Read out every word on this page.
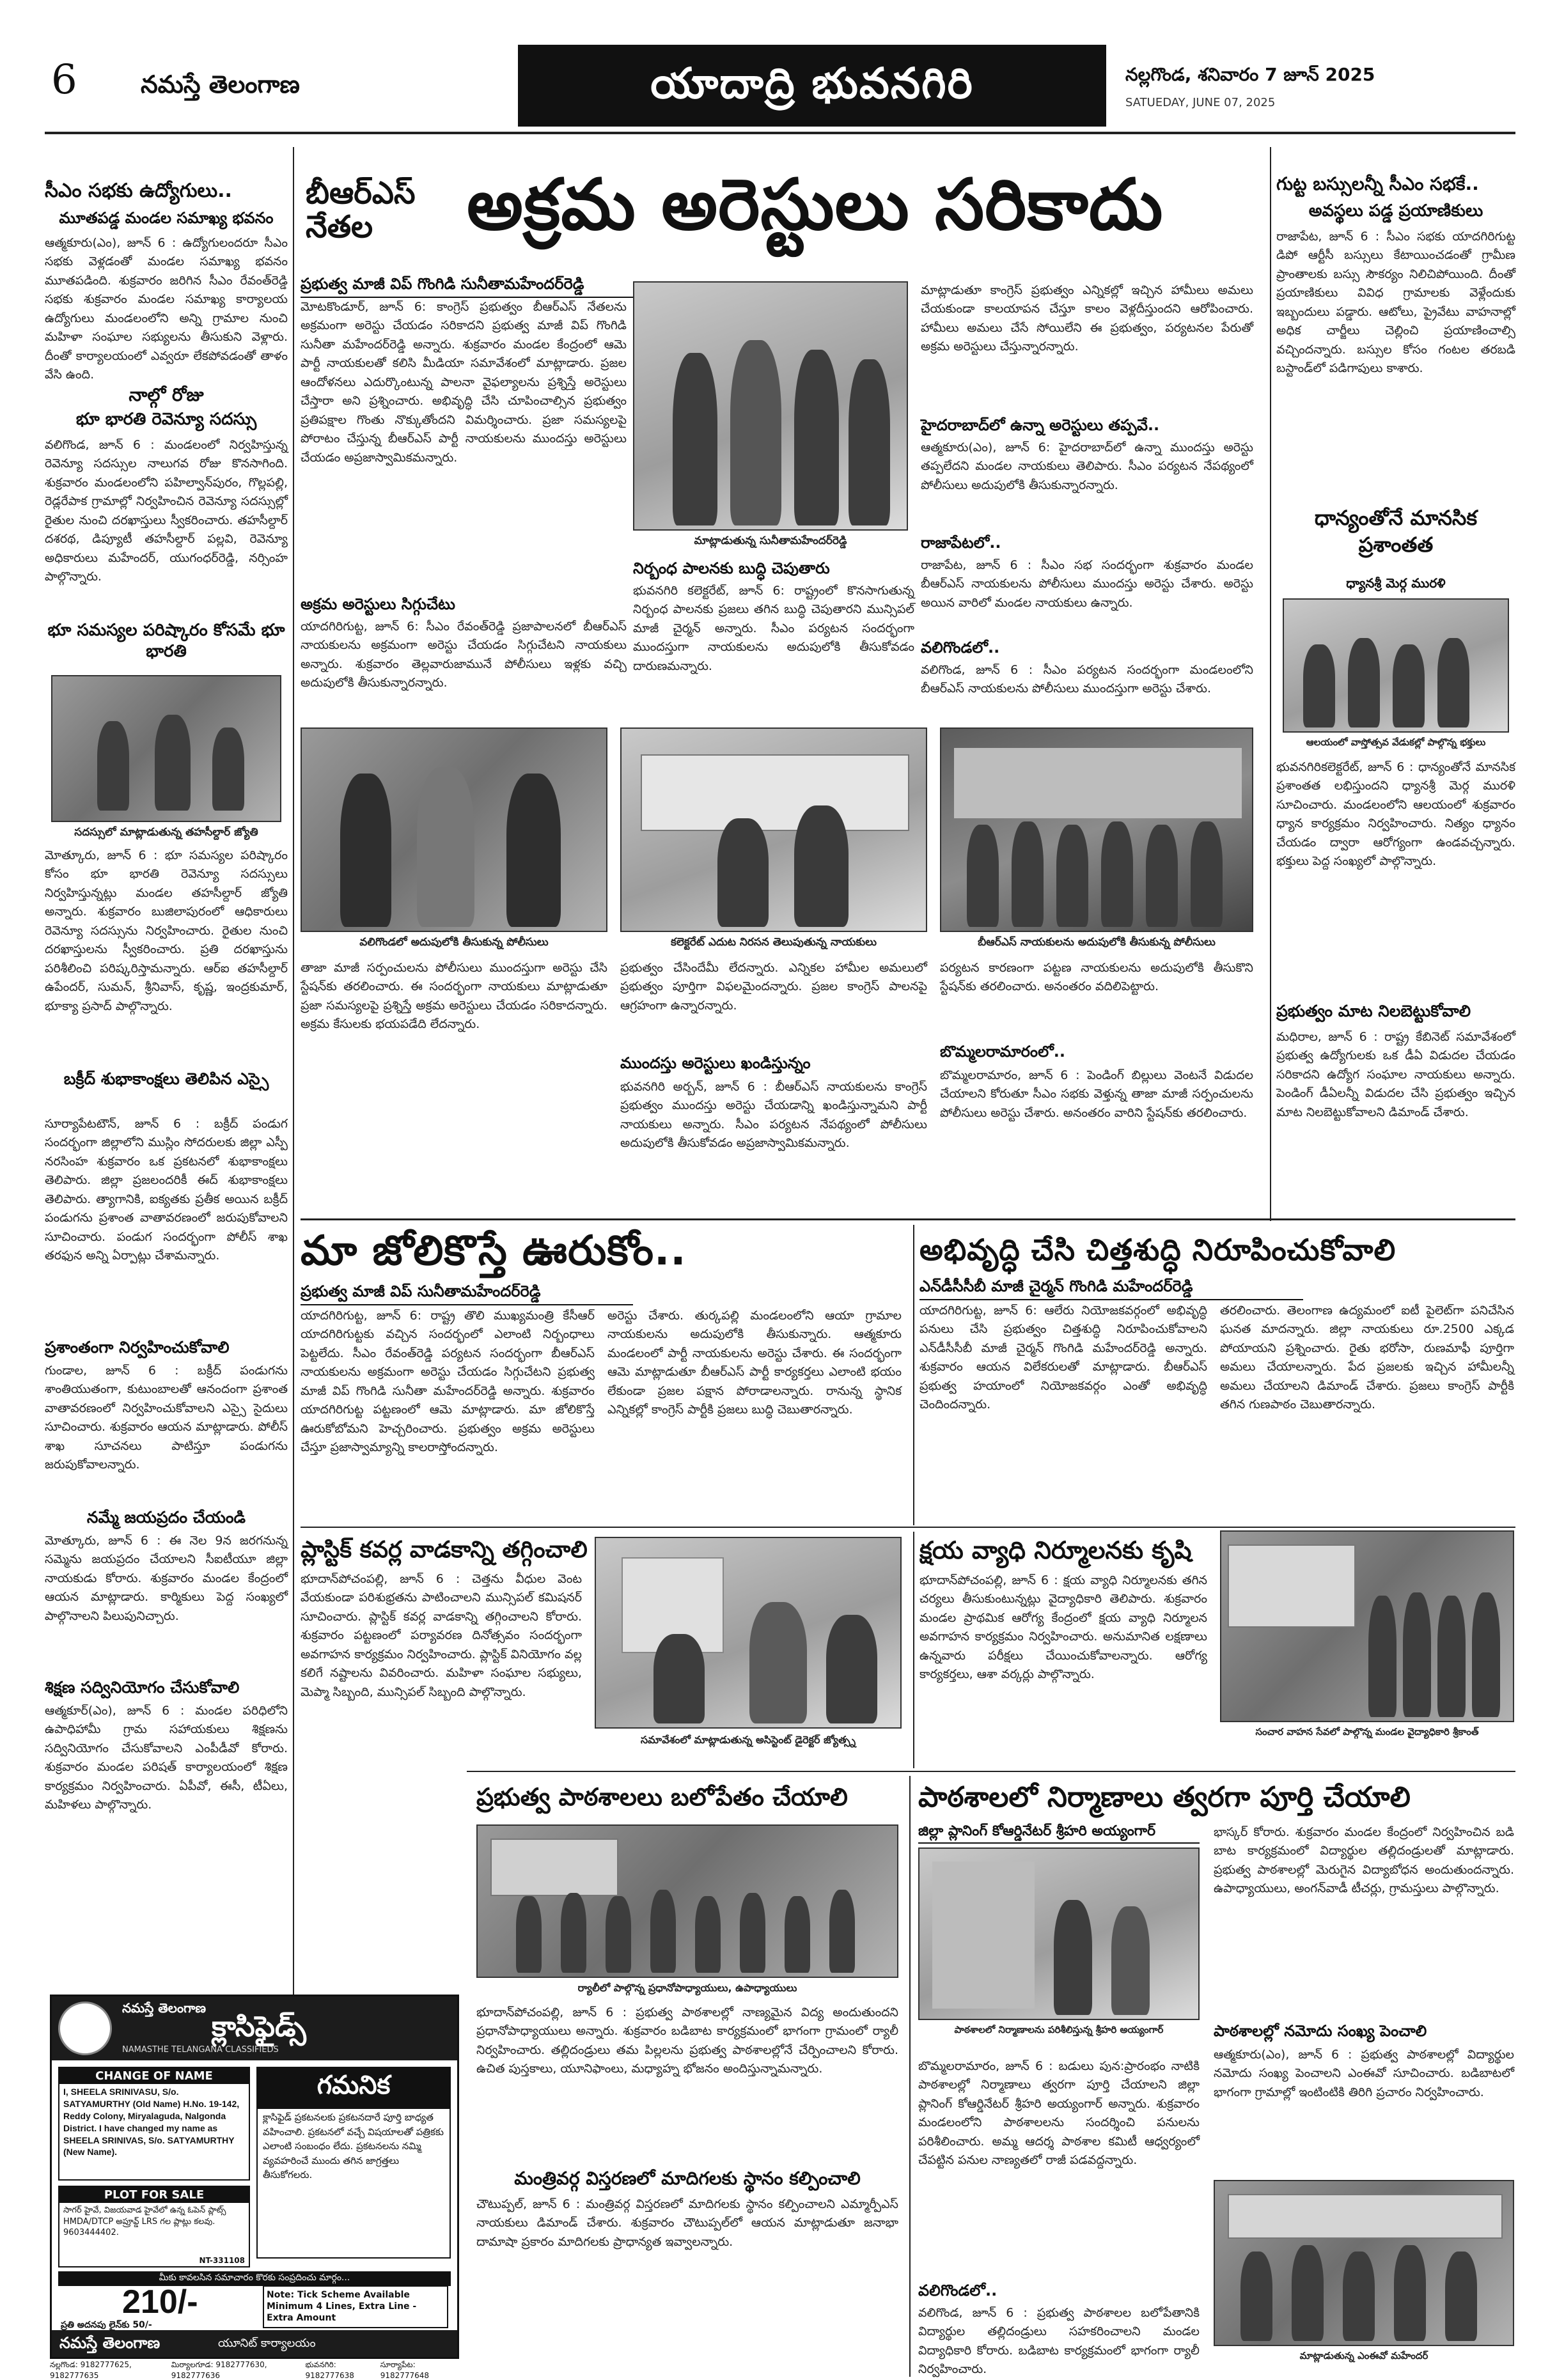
6	నమస్తే తెలంగాణ	యాదాద్రి భువనగిరి	నల్లగొండ, శనివారం 7 జూన్ 2025
SATUEDAY, JUNE 07, 2025
సీఎం సభకు ఉద్యోగులు..
మూతపడ్డ మండల సమాఖ్య భవనం
ఆత్మకూరు(ఎం), జూన్ 6 : ఉద్యోగులందరూ సీఎం సభకు వెళ్లడంతో మండల సమాఖ్య భవనం మూతపడింది. శుక్రవారం జరిగిన సీఎం రేవంత్‌రెడ్డి సభకు శుక్రవారం మండల సమాఖ్య కార్యాలయ ఉద్యోగులు మండలంలోని అన్ని గ్రామాల నుంచి మహిళా సంఘాల సభ్యులను తీసుకుని వెళ్లారు. దీంతో కార్యాలయంలో ఎవ్వరూ లేకపోవడంతో తాళం వేసి ఉంది.
నాల్గో రోజు
భూ భారతి రెవెన్యూ సదస్సు
వలిగొండ, జూన్ 6 : మండలంలో నిర్వహిస్తున్న రెవెన్యూ సదస్సుల నాలుగవ రోజు కొనసాగింది. శుక్రవారం మండలంలోని పహిల్వాన్‌పురం, గొల్లపల్లి, రెడ్లరేపాక గ్రామాల్లో నిర్వహించిన రెవెన్యూ సదస్సుల్లో రైతుల నుంచి దరఖాస్తులు స్వీకరించారు. తహసీల్దార్ దశరథ, డిప్యూటీ తహసీల్దార్ పల్లవి, రెవెన్యూ అధికారులు మహేందర్, యుగంధర్‌రెడ్డి, నర్సింహ పాల్గొన్నారు.
భూ సమస్యల పరిష్కారం కోసమే భూ భారతి
సదస్సులో మాట్లాడుతున్న తహసీల్దార్ జ్యోతి
మోత్కూరు, జూన్ 6 : భూ సమస్యల పరిష్కారం కోసం భూ భారతి రెవెన్యూ సదస్సులు నిర్వహిస్తున్నట్లు మండల తహసీల్దార్ జ్యోతి అన్నారు. శుక్రవారం బుజిలాపురంలో ఆధికారులు రెవెన్యూ సదస్సును నిర్వహించారు. రైతుల నుంచి దరఖాస్తులను స్వీకరించారు. ప్రతి దరఖాస్తును పరిశీలించి పరిష్కరిస్తామన్నారు. ఆర్ఐ తహసీల్దార్ ఉపేందర్, సుమన్, శ్రీనివాస్, కృష్ణ, ఇంద్రకుమార్, భూక్యా ప్రసాద్ పాల్గొన్నారు.
బక్రీద్ శుభాకాంక్షలు తెలిపిన ఎస్సై
సూర్యాపేటటౌన్, జూన్ 6 : బక్రీద్ పండుగ సందర్భంగా జిల్లాలోని ముస్లిం సోదరులకు జిల్లా ఎస్పీ నరసింహ శుక్రవారం ఒక ప్రకటనలో శుభాకాంక్షలు తెలిపారు. జిల్లా ప్రజలందరికీ ఈద్ శుభాకాంక్షలు తెలిపారు. త్యాగానికి, ఐక్యతకు ప్రతీక అయిన బక్రీద్ పండుగను ప్రశాంత వాతావరణంలో జరుపుకోవాలని సూచించారు. పండుగ సందర్భంగా పోలీస్ శాఖ తరఫున అన్ని ఏర్పాట్లు చేశామన్నారు.
ప్రశాంతంగా నిర్వహించుకోవాలి
గుండాల, జూన్ 6 : బక్రీద్ పండుగను శాంతియుతంగా, కుటుంబాలతో ఆనందంగా ప్రశాంత వాతావరణంలో నిర్వహించుకోవాలని ఎస్సై సైదులు సూచించారు. శుక్రవారం ఆయన మాట్లాడారు. పోలీస్ శాఖ సూచనలు పాటిస్తూ పండుగను జరుపుకోవాలన్నారు.
నమ్మే జయప్రదం చేయండి
మోత్కూరు, జూన్ 6 : ఈ నెల 9న జరగనున్న సమ్మెను జయప్రదం చేయాలని సీఐటీయూ జిల్లా నాయకుడు కోరారు. శుక్రవారం మండల కేంద్రంలో ఆయన మాట్లాడారు. కార్మికులు పెద్ద సంఖ్యలో పాల్గొనాలని పిలుపునిచ్చారు.
శిక్షణ సద్వినియోగం చేసుకోవాలి
ఆత్మకూర్(ఎం), జూన్ 6 : మండల పరిధిలోని ఉపాధిహామీ గ్రామ సహాయకులు శిక్షణను సద్వినియోగం చేసుకోవాలని ఎంపీడీవో కోరారు. శుక్రవారం మండల పరిషత్ కార్యాలయంలో శిక్షణ కార్యక్రమం నిర్వహించారు. ఏపీవో, ఈసీ, టీఏలు, మహిళలు పాల్గొన్నారు.
నమస్తే తెలంగాణ
క్లాసిఫైడ్స్
NAMASTHE TELANGANA CLASSIFIEDS
CHANGE OF NAME
I, SHEELA SRINIVASU, S/o. SATYAMURTHY (Old Name) H.No. 19-142, Reddy Colony, Miryalaguda, Nalgonda District. I have changed my name as SHEELA SRINIVAS, S/o. SATYAMURTHY (New Name).
గమనిక
క్లాసిఫైడ్ ప్రకటనలకు ప్రకటనదారే పూర్తి బాధ్యత వహించాలి. ప్రకటనలో వచ్చే విషయాలతో పత్రికకు ఎలాంటి సంబంధం లేదు. ప్రకటనలను నమ్మి వ్యవహరించే ముందు తగిన జాగ్రత్తలు తీసుకోగలరు.
PLOT FOR SALE
సాగర్ హైవే, విజయవాడ హైవేలో ఉన్న ఓపెన్ ప్లాట్స్ HMDA/DTCP అప్రూవ్డ్ LRS గల ప్లాట్లు కలవు. 9603444402.
NT-331108
మీకు కావలసిన సమాచారం కొరకు సంప్రదించు మార్గం...
210/-
ప్రతి అదనపు లైన్‌కు 50/-
Note: Tick Scheme Available Minimum 4 Lines, Extra Line - Extra Amount
నమస్తే తెలంగాణ	యూనిట్ కార్యాలయం
నల్లగొండ: 9182777625, 9182777635
మిర్యాలగూడ: 9182777630, 9182777636
భువనగిరి: 9182777638
సూర్యాపేట: 9182777648
బీఆర్ఎస్ నేతల	అక్రమ అరెస్టులు సరికాదు
ప్రభుత్వ మాజీ విప్ గొంగిడి సునీతామహేందర్‌రెడ్డి
మోటకొండూర్, జూన్ 6: కాంగ్రెస్ ప్రభుత్వం బీఆర్ఎస్ నేతలను అక్రమంగా అరెస్టు చేయడం సరికాదని ప్రభుత్వ మాజీ విప్ గొంగిడి సునీతా మహేందర్‌రెడ్డి అన్నారు. శుక్రవారం మండల కేంద్రంలో ఆమె పార్టీ నాయకులతో కలిసి మీడియా సమావేశంలో మాట్లాడారు. ప్రజల ఆందోళనలు ఎదుర్కొంటున్న పాలనా వైఫల్యాలను ప్రశ్నిస్తే అరెస్టులు చేస్తారా అని ప్రశ్నించారు. అభివృద్ధి చేసి చూపించాల్సిన ప్రభుత్వం ప్రతిపక్షాల గొంతు నొక్కుతోందని విమర్శించారు. ప్రజా సమస్యలపై పోరాటం చేస్తున్న బీఆర్ఎస్ పార్టీ నాయకులను ముందస్తు అరెస్టులు చేయడం అప్రజాస్వామికమన్నారు.
అక్రమ అరెస్టులు సిగ్గుచేటు
యాదగిరిగుట్ట, జూన్ 6: సీఎం రేవంత్‌రెడ్డి ప్రజాపాలనలో బీఆర్ఎస్ నాయకులను అక్రమంగా అరెస్టు చేయడం సిగ్గుచేటని నాయకులు అన్నారు. శుక్రవారం తెల్లవారుజామునే పోలీసులు ఇళ్లకు వచ్చి అదుపులోకి తీసుకున్నారన్నారు.
మాట్లాడుతున్న సునీతామహేందర్‌రెడ్డి
నిర్బంధ పాలనకు బుద్ధి చెపుతారు
భువనగిరి కలెక్టరేట్, జూన్ 6: రాష్ట్రంలో కొనసాగుతున్న నిర్బంధ పాలనకు ప్రజలు తగిన బుద్ధి చెపుతారని మున్సిపల్ మాజీ చైర్మన్ అన్నారు. సీఎం పర్యటన సందర్భంగా ముందస్తుగా నాయకులను అదుపులోకి తీసుకోవడం దారుణమన్నారు.
మాట్లాడుతూ కాంగ్రెస్ ప్రభుత్వం ఎన్నికల్లో ఇచ్చిన హామీలు అమలు చేయకుండా కాలయాపన చేస్తూ కాలం వెళ్లదీస్తుందని ఆరోపించారు. హామీలు అమలు చేసే సోయిలేని ఈ ప్రభుత్వం, పర్యటనల పేరుతో అక్రమ అరెస్టులు చేస్తున్నారన్నారు.
హైదరాబాద్‌లో ఉన్నా అరెస్టులు తప్పవే..
ఆత్మకూరు(ఎం), జూన్ 6: హైదరాబాద్‌లో ఉన్నా ముందస్తు అరెస్టు తప్పలేదని మండల నాయకులు తెలిపారు. సీఎం పర్యటన నేపథ్యంలో పోలీసులు అదుపులోకి తీసుకున్నారన్నారు.
రాజాపేటలో..
రాజాపేట, జూన్ 6 : సీఎం సభ సందర్భంగా శుక్రవారం మండల బీఆర్ఎస్ నాయకులను పోలీసులు ముందస్తు అరెస్టు చేశారు. అరెస్టు అయిన వారిలో మండల నాయకులు ఉన్నారు.
వలిగొండలో..
వలిగొండ, జూన్ 6 : సీఎం పర్యటన సందర్భంగా మండలంలోని బీఆర్ఎస్ నాయకులను పోలీసులు ముందస్తుగా అరెస్టు చేశారు.
వలిగొండలో అదుపులోకి తీసుకున్న పోలీసులు	కలెక్టరేట్ ఎదుట నిరసన తెలుపుతున్న నాయకులు	బీఆర్ఎస్ నాయకులను అదుపులోకి తీసుకున్న పోలీసులు
తాజా మాజీ సర్పంచులను పోలీసులు ముందస్తుగా అరెస్టు చేసి స్టేషన్‌కు తరలించారు. ఈ సందర్భంగా నాయకులు మాట్లాడుతూ ప్రజా సమస్యలపై ప్రశ్నిస్తే అక్రమ అరెస్టులు చేయడం సరికాదన్నారు. అక్రమ కేసులకు భయపడేది లేదన్నారు.
ప్రభుత్వం చేసిందేమీ లేదన్నారు. ఎన్నికల హామీల అమలులో ప్రభుత్వం పూర్తిగా విఫలమైందన్నారు. ప్రజల కాంగ్రెస్ పాలనపై ఆగ్రహంగా ఉన్నారన్నారు.
ముందస్తు అరెస్టులు ఖండిస్తున్నం
భువనగిరి అర్బన్, జూన్ 6 : బీఆర్ఎస్ నాయకులను కాంగ్రెస్ ప్రభుత్వం ముందస్తు అరెస్టు చేయడాన్ని ఖండిస్తున్నామని పార్టీ నాయకులు అన్నారు. సీఎం పర్యటన నేపథ్యంలో పోలీసులు అదుపులోకి తీసుకోవడం అప్రజాస్వామికమన్నారు.
పర్యటన కారణంగా పట్టణ నాయకులను అదుపులోకి తీసుకొని స్టేషన్‌కు తరలించారు. అనంతరం వదిలిపెట్టారు.
బొమ్మలరామారంలో..
బొమ్మలరామారం, జూన్ 6 : పెండింగ్ బిల్లులు వెంటనే విడుదల చేయాలని కోరుతూ సీఎం సభకు వెళ్తున్న తాజా మాజీ సర్పంచులను పోలీసులు అరెస్టు చేశారు. అనంతరం వారిని స్టేషన్‌కు తరలించారు.
గుట్ట బస్సులన్నీ సీఎం సభకే..
అవస్థలు పడ్డ ప్రయాణికులు
రాజాపేట, జూన్ 6 : సీఎం సభకు యాదగిరిగుట్ట డిపో ఆర్టీసీ బస్సులు కేటాయించడంతో గ్రామీణ ప్రాంతాలకు బస్సు సౌకర్యం నిలిచిపోయింది. దీంతో ప్రయాణికులు వివిధ గ్రామాలకు వెళ్లేందుకు ఇబ్బందులు పడ్డారు. ఆటోలు, ప్రైవేటు వాహనాల్లో అధిక చార్జీలు చెల్లించి ప్రయాణించాల్సి వచ్చిందన్నారు. బస్సుల కోసం గంటల తరబడి బస్టాండ్‌లో పడిగాపులు కాశారు.
ధాన్యంతోనే మానసిక ప్రశాంతత
ధ్యానశ్రీ మెర్గ మురళి
ఆలయంలో వాస్తోత్సవ వేడుకల్లో పాల్గొన్న భక్తులు
భువనగిరికలెక్టరేట్, జూన్ 6 : ధాన్యంతోనే మానసిక ప్రశాంతత లభిస్తుందని ధ్యానశ్రీ మెర్గ మురళి సూచించారు. మండలంలోని ఆలయంలో శుక్రవారం ధ్యాన కార్యక్రమం నిర్వహించారు. నిత్యం ధ్యానం చేయడం ద్వారా ఆరోగ్యంగా ఉండవచ్చన్నారు. భక్తులు పెద్ద సంఖ్యలో పాల్గొన్నారు.
ప్రభుత్వం మాట నిలబెట్టుకోవాలి
మధిరాల, జూన్ 6 : రాష్ట్ర కేబినెట్ సమావేశంలో ప్రభుత్వ ఉద్యోగులకు ఒక డీఏ విడుదల చేయడం సరికాదని ఉద్యోగ సంఘాల నాయకులు అన్నారు. పెండింగ్ డీఏలన్నీ విడుదల చేసి ప్రభుత్వం ఇచ్చిన మాట నిలబెట్టుకోవాలని డిమాండ్ చేశారు.
మా జోలికొస్తే ఊరుకోం..
ప్రభుత్వ మాజీ విప్ సునీతామహేందర్‌రెడ్డి
యాదగిరిగుట్ట, జూన్ 6: రాష్ట్ర తొలి ముఖ్యమంత్రి కేసీఆర్ యాదగిరిగుట్టకు వచ్చిన సందర్భంలో ఎలాంటి నిర్బంధాలు పెట్టలేదు. సీఎం రేవంత్‌రెడ్డి పర్యటన సందర్భంగా బీఆర్ఎస్ నాయకులను అక్రమంగా అరెస్టు చేయడం సిగ్గుచేటని ప్రభుత్వ మాజీ విప్ గొంగిడి సునీతా మహేందర్‌రెడ్డి అన్నారు. శుక్రవారం యాదగిరిగుట్ట పట్టణంలో ఆమె మాట్లాడారు. మా జోలికొస్తే ఊరుకోబోమని హెచ్చరించారు. ప్రభుత్వం అక్రమ అరెస్టులు చేస్తూ ప్రజాస్వామ్యాన్ని కాలరాస్తోందన్నారు.
అరెస్టు చేశారు. తుర్కపల్లి మండలంలోని ఆయా గ్రామాల నాయకులను అదుపులోకి తీసుకున్నారు. ఆత్మకూరు మండలంలో పార్టీ నాయకులను అరెస్టు చేశారు. ఈ సందర్భంగా ఆమె మాట్లాడుతూ బీఆర్ఎస్ పార్టీ కార్యకర్తలు ఎలాంటి భయం లేకుండా ప్రజల పక్షాన పోరాడాలన్నారు. రానున్న స్థానిక ఎన్నికల్లో కాంగ్రెస్ పార్టీకి ప్రజలు బుద్ధి చెబుతారన్నారు.
అభివృద్ధి చేసి చిత్తశుద్ధి నిరూపించుకోవాలి
ఎన్‌డీసీసీబీ మాజీ చైర్మన్ గొంగిడి మహేందర్‌రెడ్డి
యాదగిరిగుట్ట, జూన్ 6: ఆలేరు నియోజకవర్గంలో అభివృద్ధి పనులు చేసి ప్రభుత్వం చిత్తశుద్ధి నిరూపించుకోవాలని ఎన్‌డీసీసీబీ మాజీ చైర్మన్ గొంగిడి మహేందర్‌రెడ్డి అన్నారు. శుక్రవారం ఆయన విలేకరులతో మాట్లాడారు. బీఆర్ఎస్ ప్రభుత్వ హయాంలో నియోజకవర్గం ఎంతో అభివృద్ధి చెందిందన్నారు.
తరలించారు. తెలంగాణ ఉద్యమంలో ఐటీ పైలెట్‌గా పనిచేసిన ఘనత మాదన్నారు. జిల్లా నాయకులు రూ.2500 ఎక్కడ పోయాయని ప్రశ్నించారు. రైతు భరోసా, రుణమాఫీ పూర్తిగా అమలు చేయాలన్నారు. పేద ప్రజలకు ఇచ్చిన హామీలన్నీ అమలు చేయాలని డిమాండ్ చేశారు. ప్రజలు కాంగ్రెస్ పార్టీకి తగిన గుణపాఠం చెబుతారన్నారు.
ప్లాస్టిక్ కవర్ల వాడకాన్ని తగ్గించాలి
భూదాన్‌పోచంపల్లి, జూన్ 6 : చెత్తను వీధుల వెంట వేయకుండా పరిశుభ్రతను పాటించాలని మున్సిపల్ కమిషనర్ సూచించారు. ప్లాస్టిక్ కవర్ల వాడకాన్ని తగ్గించాలని కోరారు. శుక్రవారం పట్టణంలో పర్యావరణ దినోత్సవం సందర్భంగా అవగాహన కార్యక్రమం నిర్వహించారు. ప్లాస్టిక్ వినియోగం వల్ల కలిగే నష్టాలను వివరించారు. మహిళా సంఘాల సభ్యులు, మెప్మా సిబ్బంది, మున్సిపల్ సిబ్బంది పాల్గొన్నారు.
సమావేశంలో మాట్లాడుతున్న అసిస్టెంట్ డైరెక్టర్ జ్యోత్స్న
క్షయ వ్యాధి నిర్మూలనకు కృషి
భూదాన్‌పోచంపల్లి, జూన్ 6 : క్షయ వ్యాధి నిర్మూలనకు తగిన చర్యలు తీసుకుంటున్నట్లు వైద్యాధికారి తెలిపారు. శుక్రవారం మండల ప్రాథమిక ఆరోగ్య కేంద్రంలో క్షయ వ్యాధి నిర్మూలన అవగాహన కార్యక్రమం నిర్వహించారు. అనుమానిత లక్షణాలు ఉన్నవారు పరీక్షలు చేయించుకోవాలన్నారు. ఆరోగ్య కార్యకర్తలు, ఆశా వర్కర్లు పాల్గొన్నారు.
సంచార వాహన సేవలో పాల్గొన్న మండల వైద్యాధికారి శ్రీకాంత్
ప్రభుత్వ పాఠశాలలు బలోపేతం చేయాలి
ర్యాలీలో పాల్గొన్న ప్రధానోపాధ్యాయులు, ఉపాధ్యాయులు
భూదాన్‌పోచంపల్లి, జూన్ 6 : ప్రభుత్వ పాఠశాలల్లో నాణ్యమైన విద్య అందుతుందని ప్రధానోపాధ్యాయులు అన్నారు. శుక్రవారం బడిబాట కార్యక్రమంలో భాగంగా గ్రామంలో ర్యాలీ నిర్వహించారు. తల్లిదండ్రులు తమ పిల్లలను ప్రభుత్వ పాఠశాలల్లోనే చేర్పించాలని కోరారు. ఉచిత పుస్తకాలు, యూనిఫాంలు, మధ్యాహ్న భోజనం అందిస్తున్నామన్నారు.
మంత్రివర్గ విస్తరణలో మాదిగలకు స్థానం కల్పించాలి
చౌటుప్పల్, జూన్ 6 : మంత్రివర్గ విస్తరణలో మాదిగలకు స్థానం కల్పించాలని ఎమ్మార్పీఎస్ నాయకులు డిమాండ్ చేశారు. శుక్రవారం చౌటుప్పల్‌లో ఆయన మాట్లాడుతూ జనాభా దామాషా ప్రకారం మాదిగలకు ప్రాధాన్యత ఇవ్వాలన్నారు.
పాఠశాలలో నిర్మాణాలు త్వరగా పూర్తి చేయాలి
జిల్లా ప్లానింగ్ కోఆర్డినేటర్ శ్రీహరి అయ్యంగార్
పాఠశాలలో నిర్మాణాలను పరిశీలిస్తున్న శ్రీహరి అయ్యంగార్
బొమ్మలరామారం, జూన్ 6 : బడులు పున:ప్రారంభం నాటికి పాఠశాలల్లో నిర్మాణాలు త్వరగా పూర్తి చేయాలని జిల్లా ప్లానింగ్ కోఆర్డినేటర్ శ్రీహరి అయ్యంగార్ అన్నారు. శుక్రవారం మండలంలోని పాఠశాలలను సందర్శించి పనులను పరిశీలించారు. అమ్మ ఆదర్శ పాఠశాల కమిటీ ఆధ్వర్యంలో చేపట్టిన పనుల నాణ్యతలో రాజీ పడవద్దన్నారు.
వలిగొండలో..
వలిగొండ, జూన్ 6 : ప్రభుత్వ పాఠశాలల బలోపేతానికి విద్యార్థుల తల్లిదండ్రులు సహకరించాలని మండల విద్యాధికారి కోరారు. బడిబాట కార్యక్రమంలో భాగంగా ర్యాలీ నిర్వహించారు.
భాస్కర్ కోరారు. శుక్రవారం మండల కేంద్రంలో నిర్వహించిన బడి బాట కార్యక్రమంలో విద్యార్థుల తల్లిదండ్రులతో మాట్లాడారు. ప్రభుత్వ పాఠశాలల్లో మెరుగైన విద్యాబోధన అందుతుందన్నారు. ఉపాధ్యాయులు, అంగన్‌వాడీ టీచర్లు, గ్రామస్తులు పాల్గొన్నారు.
పాఠశాలల్లో నమోదు సంఖ్య పెంచాలి
ఆత్మకూరు(ఎం), జూన్ 6 : ప్రభుత్వ పాఠశాలల్లో విద్యార్థుల నమోదు సంఖ్య పెంచాలని ఎంఈవో సూచించారు. బడిబాటలో భాగంగా గ్రామాల్లో ఇంటింటికి తిరిగి ప్రచారం నిర్వహించారు.
మాట్లాడుతున్న ఎంఈవో మహేందర్
